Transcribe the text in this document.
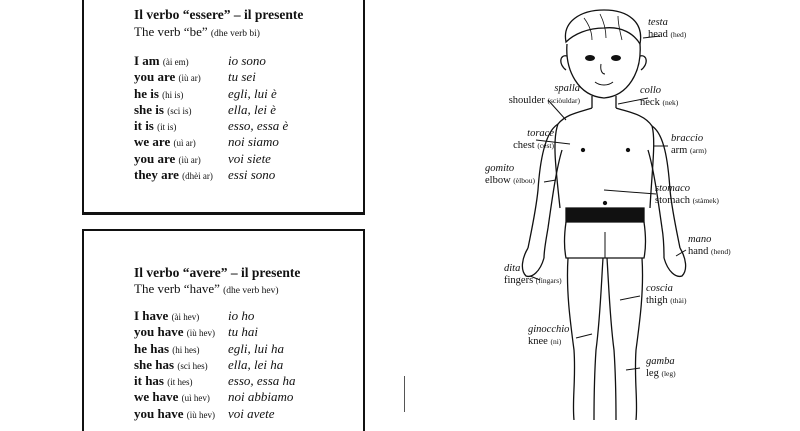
Il verbo “essere” – il presente
The verb “be” (dhe verb bi)
I am (ài em)	io sono
you are (iù ar) tu sei
he is (hi is)	egli, lui è
she is (sci is)	ella, lei è
it is (it is)	esso, essa è
we are (uì ar) noi siamo
you are (iù ar) voi siete
they are (dhèi ar) essi sono
Il verbo “avere” – il presente
The verb “have” (dhe verb hev)
I have (ài hev) io ho
you have (iù hev) tu hai
he has (hi hes) egli, lui ha
she has (sci hes) ella, lei ha
it has (it hes)	esso, essa ha
we have (uì hev) noi abbiamo
you have (iù hev) voi avete
testa
head (hed)
spalla
shoulder (sciòuldar)
collo
neck (nek)
torace
chest (cest)
braccio
arm (arm)
gomito
elbow (èlbou)
stomaco
stomach (stàmek)
mano
hand (hend)
dita
fingers (fìngars)
coscia
thigh (thài)
ginocchio
knee (ni)
gamba
leg (leg)
